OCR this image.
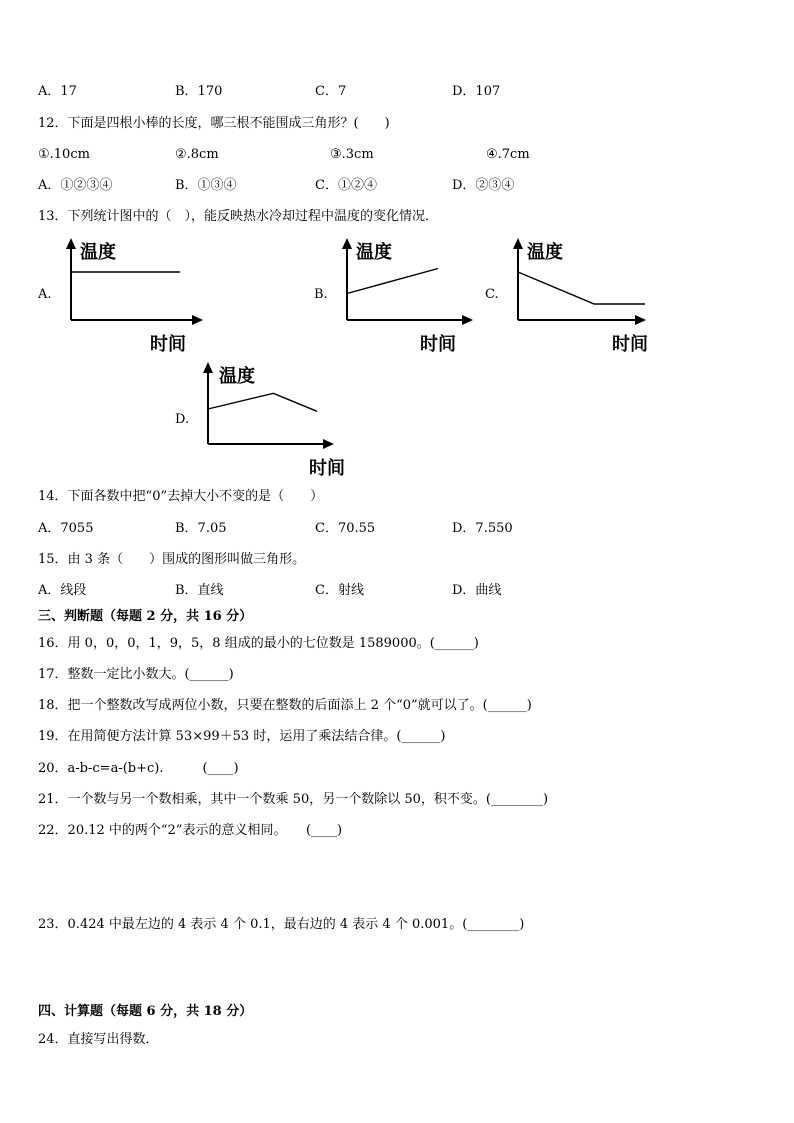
A．17	B．170	C．7	D．107
12．下面是四根小棒的长度，哪三根不能围成三角形？(　　)
①.10cm	②.8cm	③.3cm	④.7cm
A．①②③④	B．①③④	C．①②④	D．②③④
13．下列统计图中的（　），能反映热水冷却过程中温度的变化情况．
A.
温度
时间
B.
温度
时间
C.
温度
时间
D.
温度
时间
14．下面各数中把“0”去掉大小不变的是（　　）
A．7055	B．7.05	C．70.55	D．7.550
15．由 3 条（　　）围成的图形叫做三角形。
A．线段	B．直线	C．射线	D．曲线
三、判断题（每题 2 分，共 16 分）
16．用 0，0，0，1，9，5，8 组成的最小的七位数是 1589000。(______)
17．整数一定比小数大。(______)
18．把一个整数改写成两位小数，只要在整数的后面添上 2 个“0”就可以了。(______)
19．在用简便方法计算 53×99＋53 时，运用了乘法结合律。(______)
20．a-b-c=a-(b+c).　　　(____)
21．一个数与另一个数相乘，其中一个数乘 50，另一个数除以 50，积不变。(________)
22．20.12 中的两个“2”表示的意义相同。　　(____)
23．0.424 中最左边的 4 表示 4 个 0.1，最右边的 4 表示 4 个 0.001。(________)
四、计算题（每题 6 分，共 18 分）
24．直接写出得数．
